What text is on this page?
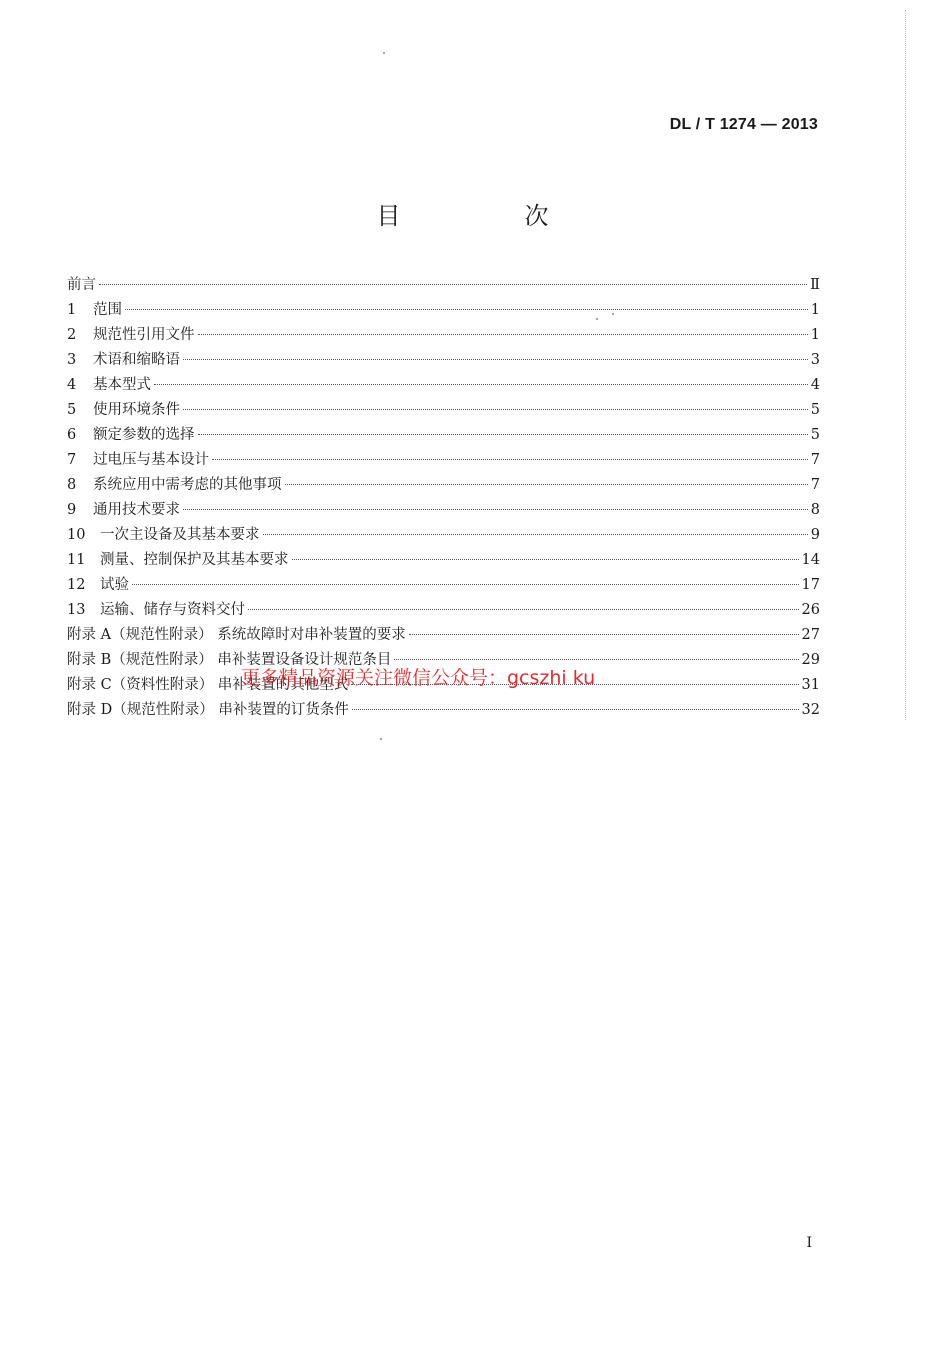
DL / T 1274 — 2013
目　次
前言	Ⅱ
1	范围	1
2	规范性引用文件	1
3	术语和缩略语	3
4	基本型式	4
5	使用环境条件	5
6	额定参数的选择	5
7	过电压与基本设计	7
8	系统应用中需考虑的其他事项	7
9	通用技术要求	8
10	一次主设备及其基本要求	9
11	测量、控制保护及其基本要求	14
12	试验	17
13	运输、储存与资料交付	26
附录 A（规范性附录） 系统故障时对串补装置的要求	27
附录 B（规范性附录） 串补装置设备设计规范条目	29
附录 C（资料性附录） 串补装置的其他型式	31
附录 D（规范性附录） 串补装置的订货条件	32
更多精品资源关注微信公众号：gcszhi ku
I
